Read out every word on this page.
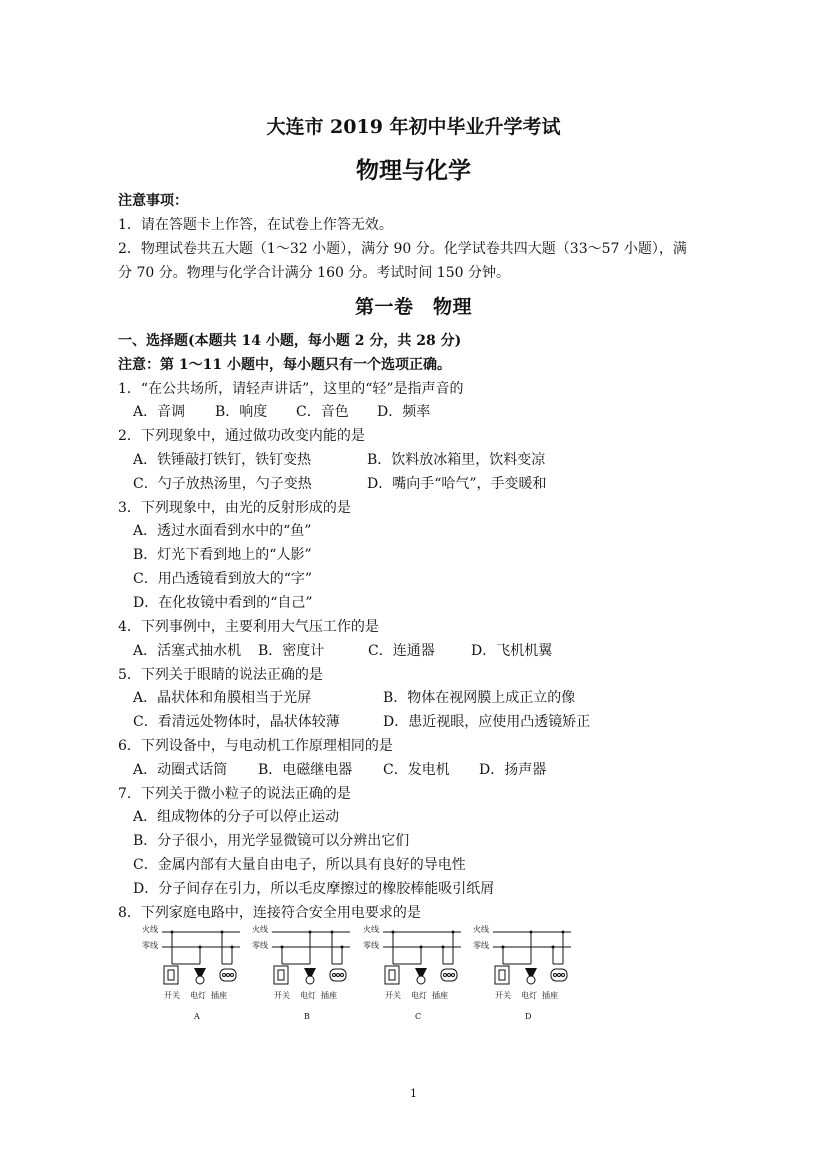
大连市 2019 年初中毕业升学考试
物理与化学
注意事项：
1．请在答题卡上作答，在试卷上作答无效。
2．物理试卷共五大题（1～32 小题），满分 90 分。化学试卷共四大题（33～57 小题），满
分 70 分。物理与化学合计满分 160 分。考试时间 150 分钟。
第一卷　物理
一、选择题(本题共 14 小题，每小题 2 分，共 28 分)
注意：第 1～11 小题中，每小题只有一个选项正确。
1．“在公共场所，请轻声讲话”，这里的“轻”是指声音的
A．音调 B．响度 C．音色 D．频率
2．下列现象中，通过做功改变内能的是
A．铁锤敲打铁钉，铁钉变热	B．饮料放冰箱里，饮料变凉
C．勺子放热汤里，勺子变热	D．嘴向手“哈气”，手变暖和
3．下列现象中，由光的反射形成的是
A．透过水面看到水中的“鱼”
B．灯光下看到地上的“人影”
C．用凸透镜看到放大的“字”
D．在化妆镜中看到的“自己”
4．下列事例中，主要利用大气压工作的是
A．活塞式抽水机 B．密度计	C．连通器	D．飞机机翼
5．下列关于眼睛的说法正确的是
A．晶状体和角膜相当于光屏	B．物体在视网膜上成正立的像
C．看清远处物体时，晶状体较薄	D．患近视眼，应使用凸透镜矫正
6．下列设备中，与电动机工作原理相同的是
A．动圈式话筒 B．电磁继电器 C．发电机 D．扬声器
7．下列关于微小粒子的说法正确的是
A．组成物体的分子可以停止运动
B．分子很小，用光学显微镜可以分辨出它们
C．金属内部有大量自由电子，所以具有良好的导电性
D．分子间存在引力，所以毛皮摩擦过的橡胶棒能吸引纸屑
8．下列家庭电路中，连接符合安全用电要求的是
火线
零线
开关 电灯 插座
A
火线
零线
开关 电灯 插座
B
火线
零线
开关 电灯 插座
C
火线
零线
开关 电灯 插座
D
1
